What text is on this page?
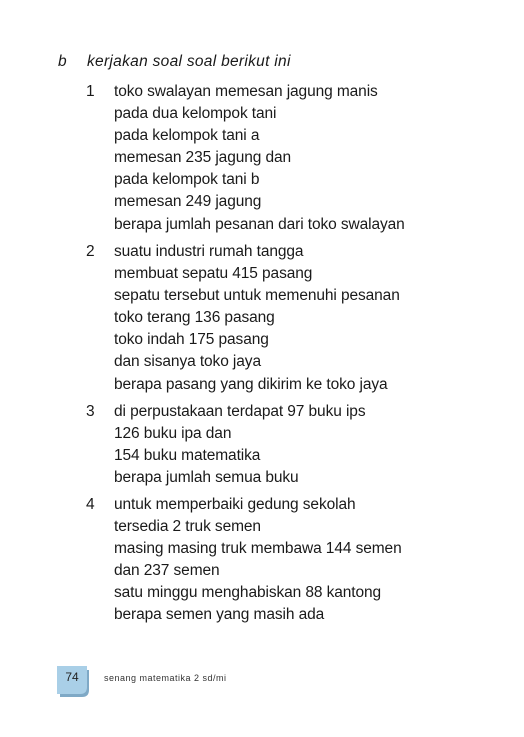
b kerjakan soal soal berikut ini
1 toko swalayan memesan jagung manis
pada dua kelompok tani
pada kelompok tani a
memesan 235 jagung dan
pada kelompok tani b
memesan 249 jagung
berapa jumlah pesanan dari toko swalayan
2 suatu industri rumah tangga
membuat sepatu 415 pasang
sepatu tersebut untuk memenuhi pesanan
toko terang 136 pasang
toko indah 175 pasang
dan sisanya toko jaya
berapa pasang yang dikirim ke toko jaya
3 di perpustakaan terdapat 97 buku ips
126 buku ipa dan
154 buku matematika
berapa jumlah semua buku
4 untuk memperbaiki gedung sekolah
tersedia 2 truk semen
masing masing truk membawa 144 semen
dan 237 semen
satu minggu menghabiskan 88 kantong
berapa semen yang masih ada
74	senang matematika 2 sd/mi
